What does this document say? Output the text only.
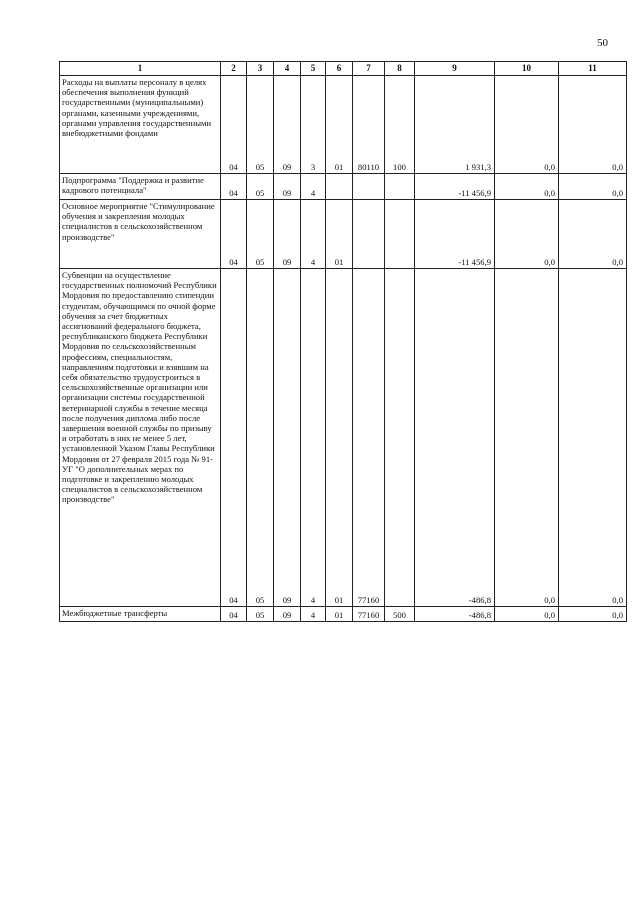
50
1	2	3	4	5	6	7	8	9	10	11
Расходы на выплаты персоналу в целях обеспечения выполнения функций государственными (муниципальными) органами, казенными учреждениями, органами управления государственными внебюджетными фондами	04	05	09	3	01	80110	100	1 931,3	0,0	0,0
Подпрограмма "Поддержка и развитие кадрового потенциала"	04	05	09	4				-11 456,9	0,0	0,0
Основное мероприятие "Стимулирование обучения и закрепления молодых специалистов в сельскохозяйственном производстве"	04	05	09	4	01			-11 456,9	0,0	0,0
Субвенции на осуществление государственных полномочий Республики Мордовия по предоставлению стипендии студентам, обучающимся по очной форме обучения за счет бюджетных ассигнований федерального бюджета, республиканского бюджета Республики Мордовия по сельскохозяйственным профессиям, специальностям, направлениям подготовки и взявшим на себя обязательство трудоустроиться в сельскохозяйственные организации или организации системы государственной ветеринарной службы в течение месяца после получения диплома либо после завершения военной службы по призыву и отработать в них не менее 5 лет, установленной Указом Главы Республики Мордовия от 27 февраля 2015 года № 91-УГ "О дополнительных мерах по подготовке и закреплению молодых специалистов в сельскохозяйственном производстве"	04	05	09	4	01	77160		-486,8	0,0	0,0
Межбюджетные трансферты	04	05	09	4	01	77160	500	-486,8	0,0	0,0
